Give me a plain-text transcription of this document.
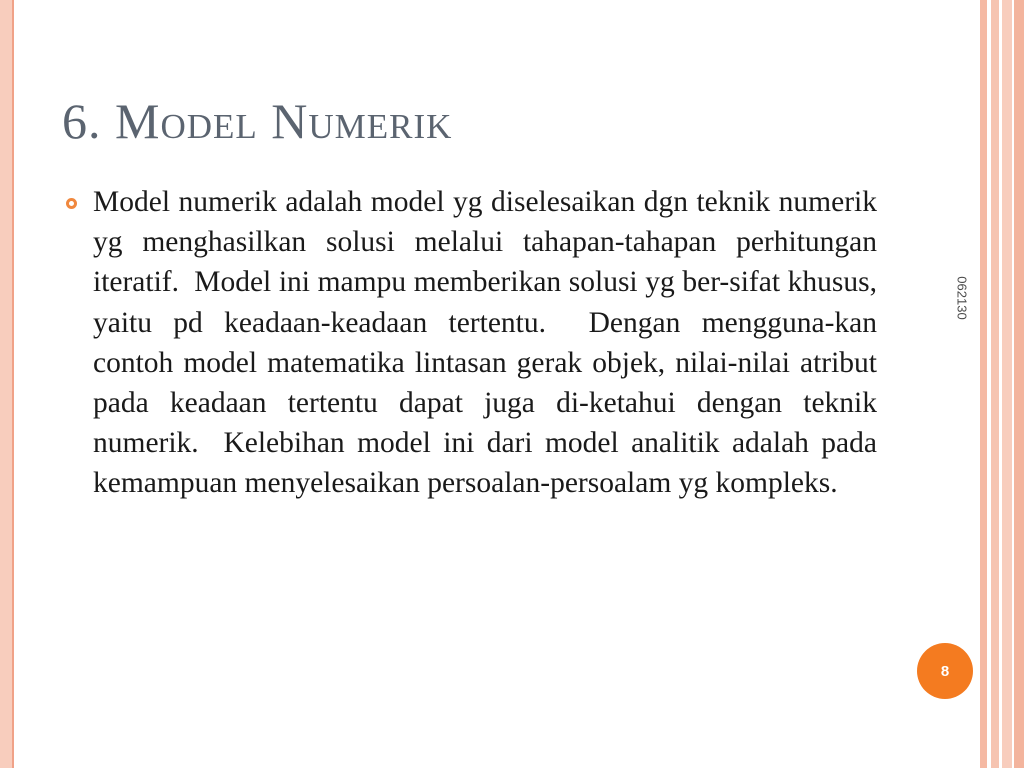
6. Model Numerik

Model numerik adalah model yg diselesaikan dgn teknik numerik yg menghasilkan solusi melalui tahapan-tahapan perhitungan iteratif.  Model ini mampu memberikan solusi yg ber-sifat khusus, yaitu pd keadaan-keadaan tertentu.  Dengan mengguna-kan contoh model matematika lintasan gerak objek, nilai-nilai atribut pada keadaan tertentu dapat juga di-ketahui dengan teknik numerik.  Kelebihan model ini dari model analitik adalah pada kemampuan menyelesaikan persoalan-persoalam yg kompleks.

062130
8
